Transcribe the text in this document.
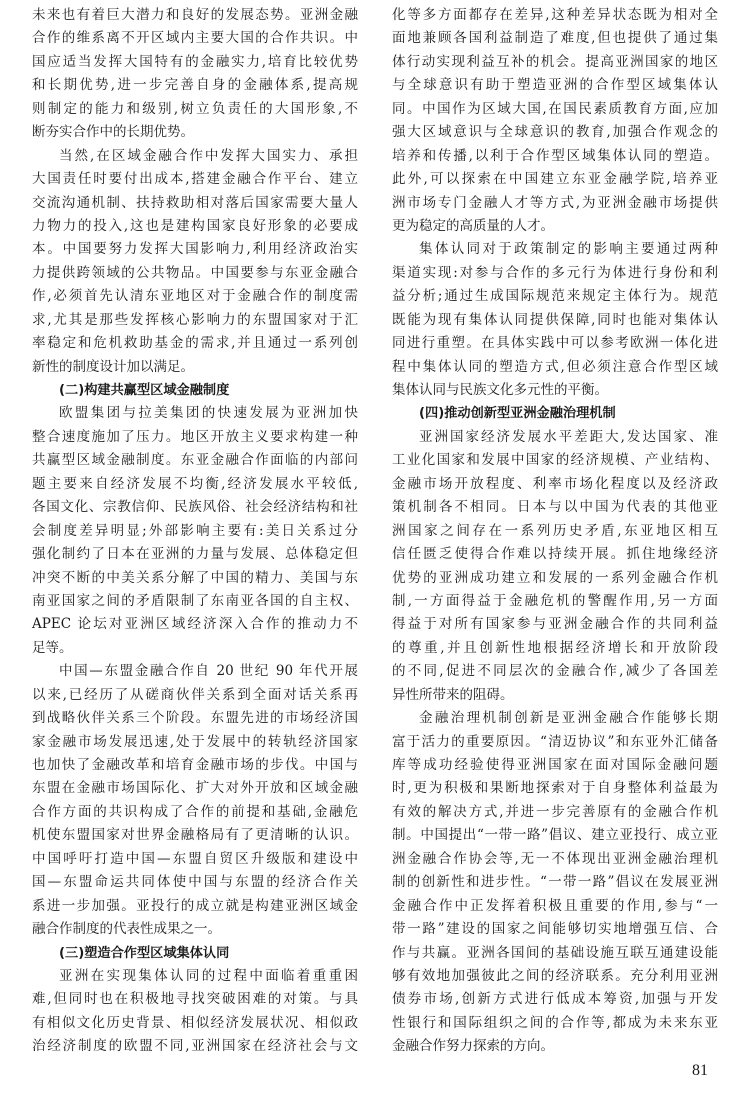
未来也有着巨大潜力和良好的发展态势。亚洲金融
合作的维系离不开区域内主要大国的合作共识。中
国应适当发挥大国特有的金融实力,培育比较优势
和长期优势,进一步完善自身的金融体系,提高规
则制定的能力和级别,树立负责任的大国形象,不
断夯实合作中的长期优势。
当然,在区域金融合作中发挥大国实力、承担
大国责任时要付出成本,搭建金融合作平台、建立
交流沟通机制、扶持救助相对落后国家需要大量人
力物力的投入,这也是建构国家良好形象的必要成
本。中国要努力发挥大国影响力,利用经济政治实
力提供跨领域的公共物品。中国要参与东亚金融合
作,必须首先认清东亚地区对于金融合作的制度需
求,尤其是那些发挥核心影响力的东盟国家对于汇
率稳定和危机救助基金的需求,并且通过一系列创
新性的制度设计加以满足。
(二)构建共赢型区域金融制度
欧盟集团与拉美集团的快速发展为亚洲加快
整合速度施加了压力。地区开放主义要求构建一种
共赢型区域金融制度。东亚金融合作面临的内部问
题主要来自经济发展不均衡,经济发展水平较低,
各国文化、宗教信仰、民族风俗、社会经济结构和社
会制度差异明显;外部影响主要有:美日关系过分
强化制约了日本在亚洲的力量与发展、总体稳定但
冲突不断的中美关系分解了中国的精力、美国与东
南亚国家之间的矛盾限制了东南亚各国的自主权、
APEC 论坛对亚洲区域经济深入合作的推动力不
足等。
中国—东盟金融合作自 20 世纪 90 年代开展
以来,已经历了从磋商伙伴关系到全面对话关系再
到战略伙伴关系三个阶段。东盟先进的市场经济国
家金融市场发展迅速,处于发展中的转轨经济国家
也加快了金融改革和培育金融市场的步伐。中国与
东盟在金融市场国际化、扩大对外开放和区域金融
合作方面的共识构成了合作的前提和基础,金融危
机使东盟国家对世界金融格局有了更清晰的认识。
中国呼吁打造中国—东盟自贸区升级版和建设中
国—东盟命运共同体使中国与东盟的经济合作关
系进一步加强。亚投行的成立就是构建亚洲区域金
融合作制度的代表性成果之一。
(三)塑造合作型区域集体认同
亚洲在实现集体认同的过程中面临着重重困
难,但同时也在积极地寻找突破困难的对策。与具
有相似文化历史背景、相似经济发展状况、相似政
治经济制度的欧盟不同,亚洲国家在经济社会与文
化等多方面都存在差异,这种差异状态既为相对全
面地兼顾各国利益制造了难度,但也提供了通过集
体行动实现利益互补的机会。提高亚洲国家的地区
与全球意识有助于塑造亚洲的合作型区域集体认
同。中国作为区域大国,在国民素质教育方面,应加
强大区域意识与全球意识的教育,加强合作观念的
培养和传播,以利于合作型区域集体认同的塑造。
此外,可以探索在中国建立东亚金融学院,培养亚
洲市场专门金融人才等方式,为亚洲金融市场提供
更为稳定的高质量的人才。
集体认同对于政策制定的影响主要通过两种
渠道实现:对参与合作的多元行为体进行身份和利
益分析;通过生成国际规范来规定主体行为。规范
既能为现有集体认同提供保障,同时也能对集体认
同进行重塑。在具体实践中可以参考欧洲一体化进
程中集体认同的塑造方式,但必须注意合作型区域
集体认同与民族文化多元性的平衡。
(四)推动创新型亚洲金融治理机制
亚洲国家经济发展水平差距大,发达国家、准
工业化国家和发展中国家的经济规模、产业结构、
金融市场开放程度、利率市场化程度以及经济政
策机制各不相同。日本与以中国为代表的其他亚
洲国家之间存在一系列历史矛盾,东亚地区相互
信任匮乏使得合作难以持续开展。抓住地缘经济
优势的亚洲成功建立和发展的一系列金融合作机
制,一方面得益于金融危机的警醒作用,另一方面
得益于对所有国家参与亚洲金融合作的共同利益
的尊重,并且创新性地根据经济增长和开放阶段
的不同,促进不同层次的金融合作,减少了各国差
异性所带来的阻碍。
金融治理机制创新是亚洲金融合作能够长期
富于活力的重要原因。“清迈协议”和东亚外汇储备
库等成功经验使得亚洲国家在面对国际金融问题
时,更为积极和果断地探索对于自身整体利益最为
有效的解决方式,并进一步完善原有的金融合作机
制。中国提出“一带一路”倡议、建立亚投行、成立亚
洲金融合作协会等,无一不体现出亚洲金融治理机
制的创新性和进步性。“一带一路”倡议在发展亚洲
金融合作中正发挥着积极且重要的作用,参与“一
带一路”建设的国家之间能够切实地增强互信、合
作与共赢。亚洲各国间的基础设施互联互通建设能
够有效地加强彼此之间的经济联系。充分利用亚洲
债券市场,创新方式进行低成本筹资,加强与开发
性银行和国际组织之间的合作等,都成为未来东亚
金融合作努力探索的方向。
81
